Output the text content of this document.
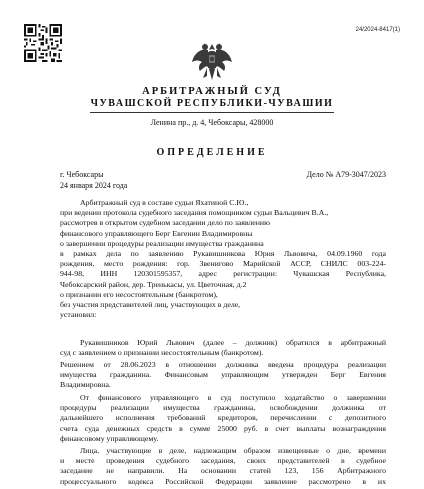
24/2024-8417(1)
АРБИТРАЖНЫЙ СУД
ЧУВАШСКОЙ РЕСПУБЛИКИ-ЧУВАШИИ
Ленина пр., д. 4, Чебоксары, 428000
ОПРЕДЕЛЕНИЕ
г. Чебоксары	Дело № А79-3047/2023
24 января 2024 года
Арбитражный суд в составе судьи Яхатиной С.Ю.,
при ведении протокола судебного заседания помощником судьи Вальцевич В.А.,
рассмотрев в открытом судебном заседании дело по заявлению
финансового управляющего Берг Евгении Владимировны
о завершении процедуры реализации имущества гражданина
в рамках дела по заявлению Рукавишникова Юрия Львовича, 04.09.1960 года
рождения, место рождения: гор. Звенигово Марийской АССР, СНИЛС 003-224-
944-98, ИНН 120301595357, адрес регистрации: Чувашская Республика,
Чебоксарский район, дер. Тренькасы, ул. Цветочная, д.2
о признании его несостоятельным (банкротом),
без участия представителей лиц, участвующих в деле,
установил:
Рукавишников Юрий Львович (далее – должник) обратился в арбитражный
суд с заявлением о признании несостоятельным (банкротом).
Решением от 28.06.2023 в отношении должника введена процедура реализации
имущества гражданина. Финансовым управляющим утвержден Берг Евгения
Владимировна.
От финансового управляющего в суд поступило ходатайство о завершении
процедуры реализации имущества гражданина, освобождении должника от
дальнейшего исполнения требований кредиторов, перечислении с депозитного
счета суда денежных средств в сумме 25000 руб. в счет выплаты вознаграждения
финансовому управляющему.
Лица, участвующие в деле, надлежащим образом извещенные о дне, времени
и месте проведения судебного заседания, своих представителей в судебное
заседание не направили. На основании статей 123, 156 Арбитражного
процессуального кодекса Российской Федерации заявление рассмотрено в их
